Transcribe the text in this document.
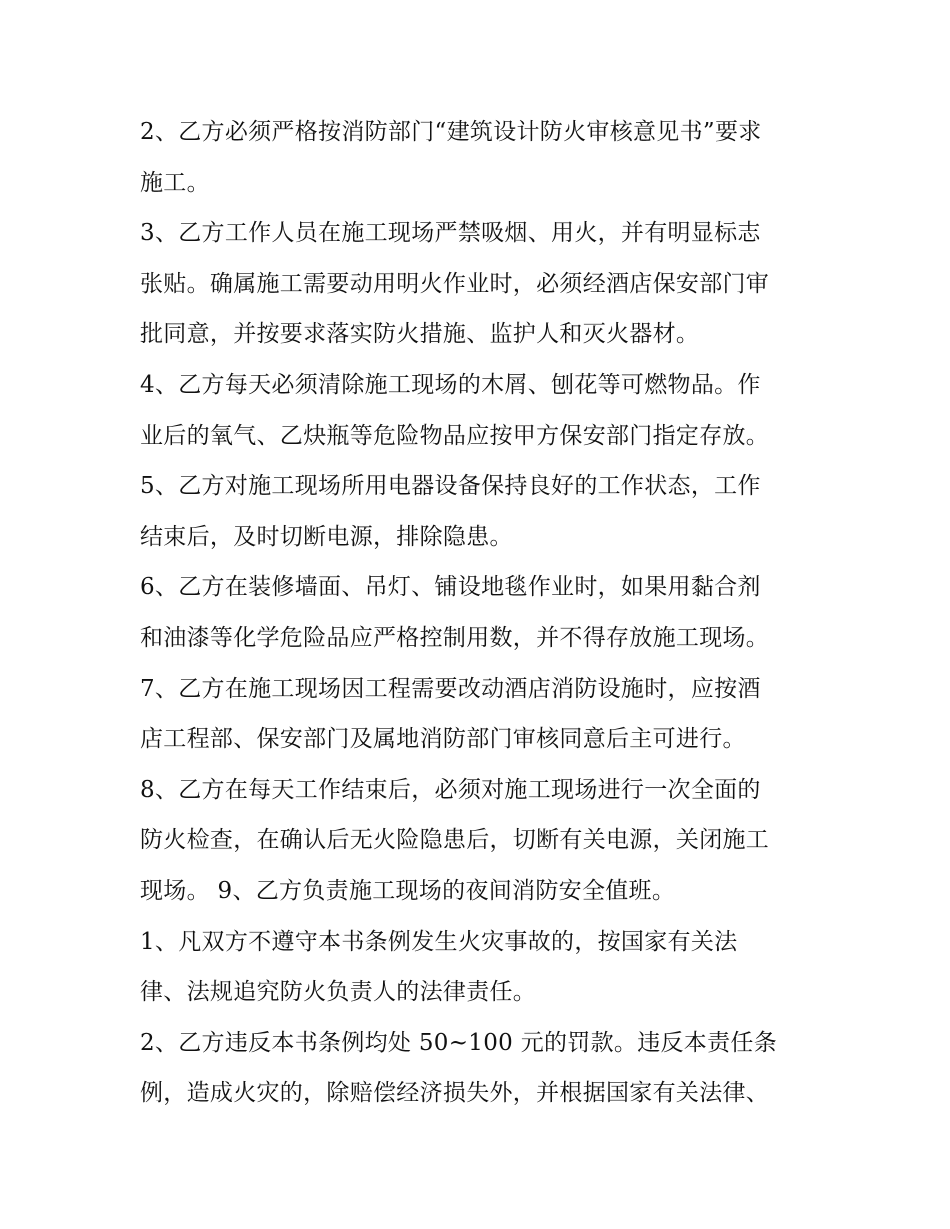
2、乙方必须严格按消防部门“建筑设计防火审核意见书”要求
施工。
3、乙方工作人员在施工现场严禁吸烟、用火，并有明显标志
张贴。确属施工需要动用明火作业时，必须经酒店保安部门审
批同意，并按要求落实防火措施、监护人和灭火器材。
4、乙方每天必须清除施工现场的木屑、刨花等可燃物品。作
业后的氧气、乙炔瓶等危险物品应按甲方保安部门指定存放。
5、乙方对施工现场所用电器设备保持良好的工作状态，工作
结束后，及时切断电源，排除隐患。
6、乙方在装修墙面、吊灯、铺设地毯作业时，如果用黏合剂
和油漆等化学危险品应严格控制用数，并不得存放施工现场。
7、乙方在施工现场因工程需要改动酒店消防设施时，应按酒
店工程部、保安部门及属地消防部门审核同意后主可进行。
8、乙方在每天工作结束后，必须对施工现场进行一次全面的
防火检查，在确认后无火险隐患后，切断有关电源，关闭施工
现场。 9、乙方负责施工现场的夜间消防安全值班。
1、凡双方不遵守本书条例发生火灾事故的，按国家有关法
律、法规追究防火负责人的法律责任。
2、乙方违反本书条例均处 50~100 元的罚款。违反本责任条
例，造成火灾的，除赔偿经济损失外，并根据国家有关法律、
